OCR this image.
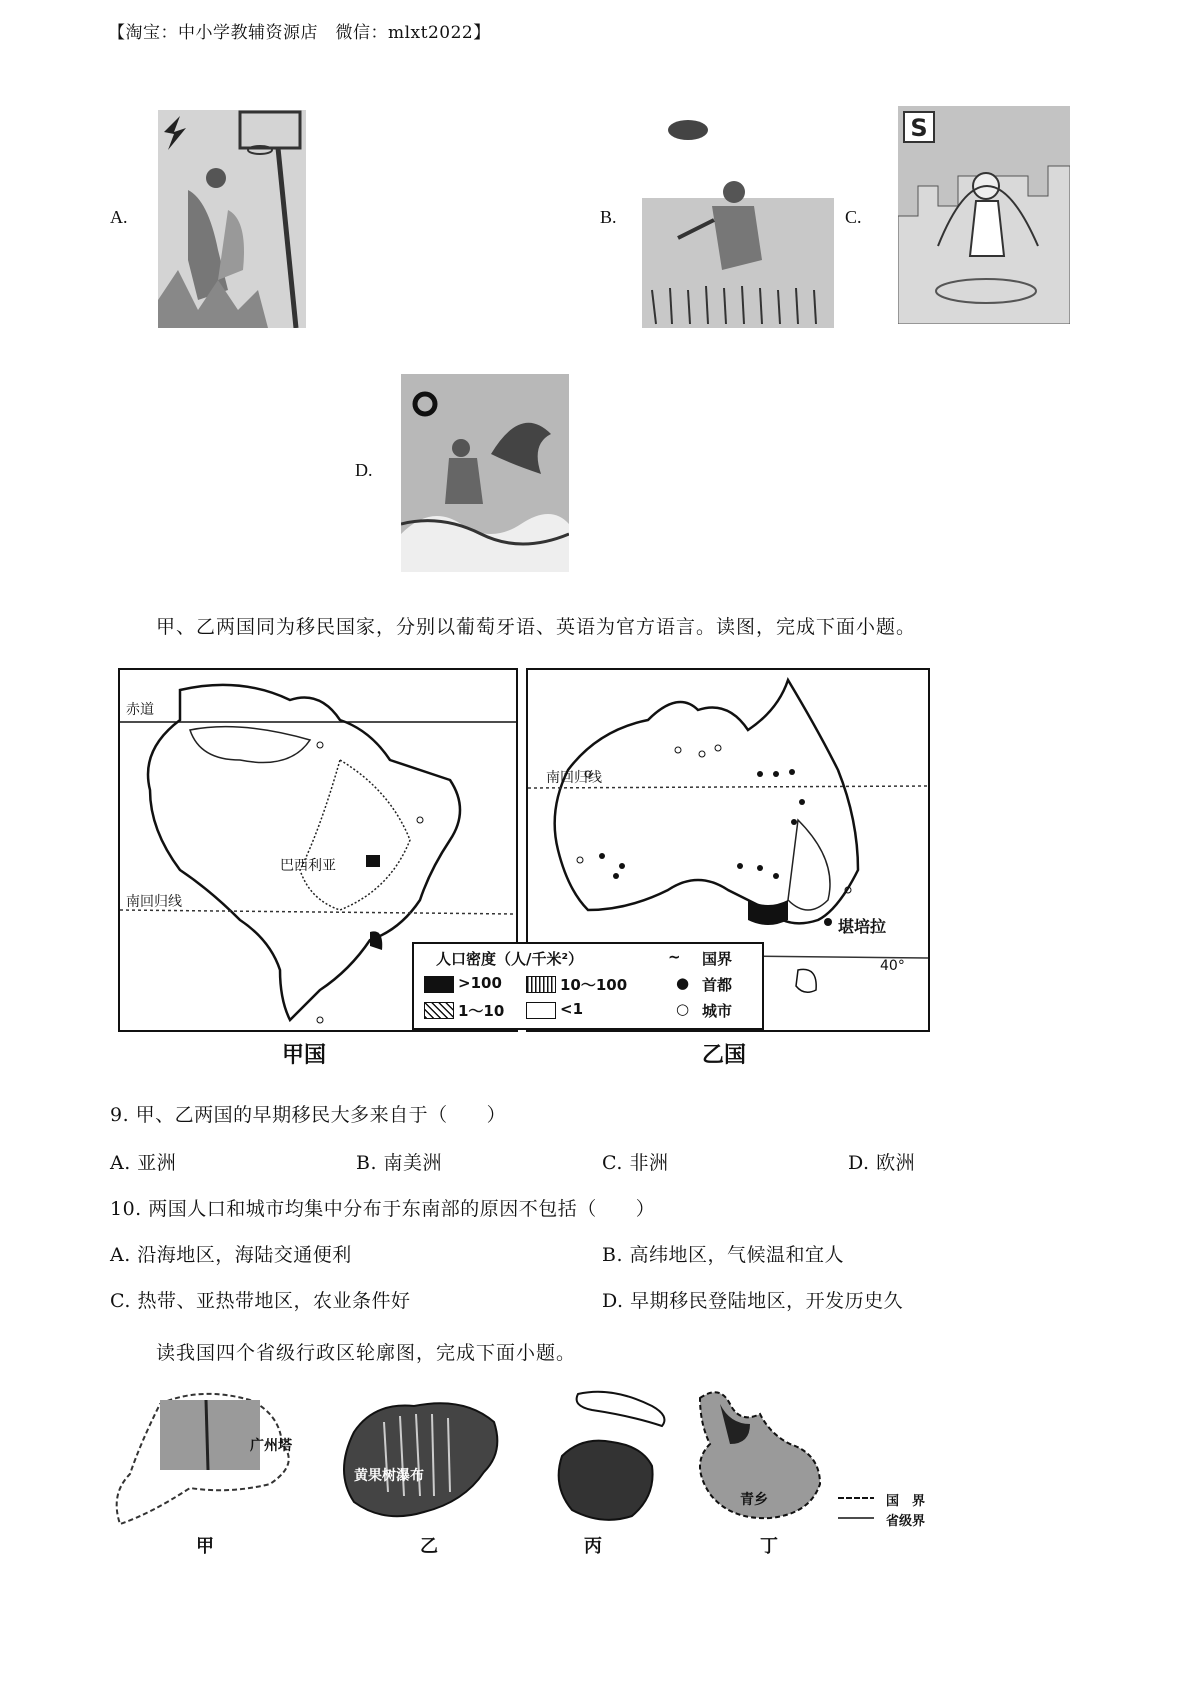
【淘宝：中小学教辅资源店　微信：mlxt2022】
A.	B.	C.
S
D.
甲、乙两国同为移民国家，分别以葡萄牙语、英语为官方语言。读图，完成下面小题。
赤道
南回归线
巴西利亚
南回归线
堪培拉
40°
人口密度（人/千米²）
>100	10～100
1～10	<1
~ 国界
● 首都
○ 城市
甲国	乙国
9. 甲、乙两国的早期移民大多来自于（　　）
A. 亚洲	B. 南美洲	C. 非洲	D. 欧洲
10. 两国人口和城市均集中分布于东南部的原因不包括（　　）
A. 沿海地区，海陆交通便利	B. 高纬地区，气候温和宜人
C. 热带、亚热带地区，农业条件好	D. 早期移民登陆地区，开发历史久
读我国四个省级行政区轮廓图，完成下面小题。
广州塔
黄果树瀑布
青乡
甲	乙	丙	丁
国　界
省级界
